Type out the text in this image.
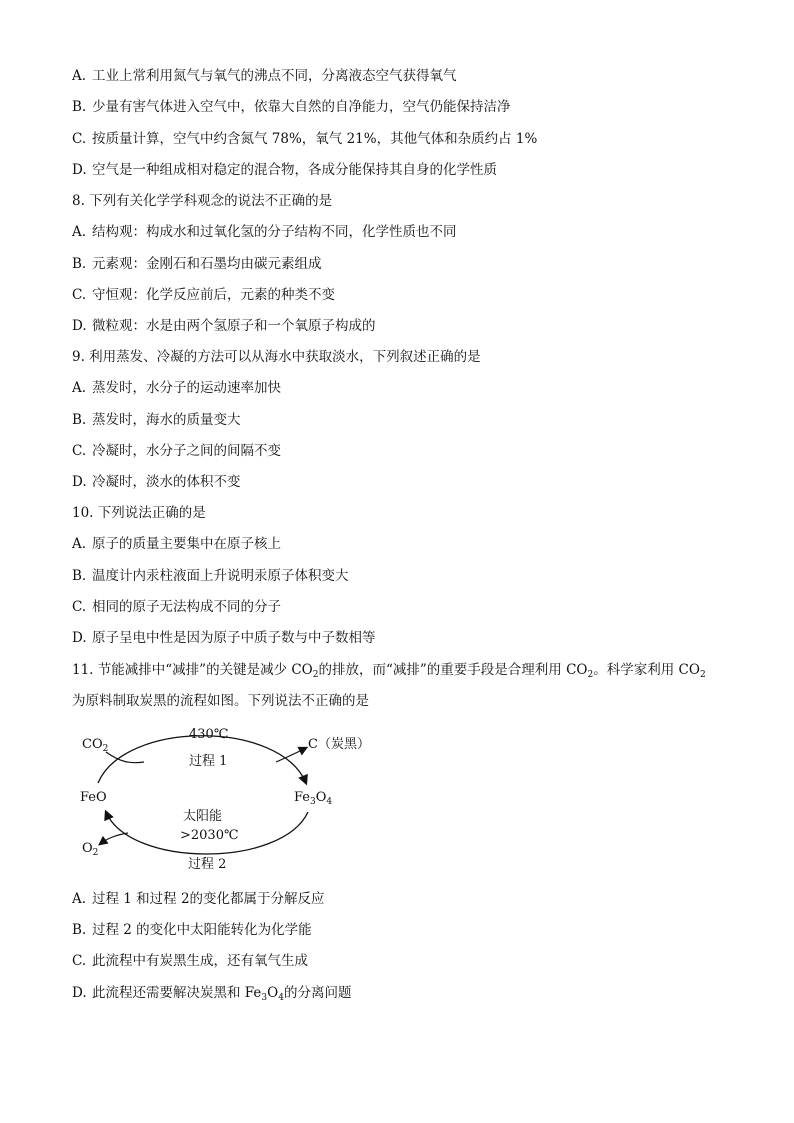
A. 工业上常利用氮气与氧气的沸点不同，分离液态空气获得氧气
B. 少量有害气体进入空气中，依靠大自然的自净能力，空气仍能保持洁净
C. 按质量计算，空气中约含氮气 78%，氧气 21%，其他气体和杂质约占 1%
D. 空气是一种组成相对稳定的混合物，各成分能保持其自身的化学性质
8. 下列有关化学学科观念的说法不正确的是
A. 结构观：构成水和过氧化氢的分子结构不同，化学性质也不同
B. 元素观：金刚石和石墨均由碳元素组成
C. 守恒观：化学反应前后，元素的种类不变
D. 微粒观：水是由两个氢原子和一个氧原子构成的
9. 利用蒸发、冷凝的方法可以从海水中获取淡水，下列叙述正确的是
A. 蒸发时，水分子的运动速率加快
B. 蒸发时，海水的质量变大
C. 冷凝时，水分子之间的间隔不变
D. 冷凝时，淡水的体积不变
10. 下列说法正确的是
A. 原子的质量主要集中在原子核上
B. 温度计内汞柱液面上升说明汞原子体积变大
C. 相同的原子无法构成不同的分子
D. 原子呈电中性是因为原子中质子数与中子数相等
11. 节能减排中“减排”的关键是减少 $CO_2$的排放，而“减排”的重要手段是合理利用 $CO_2$。科学家利用 $CO_2$
为原料制取炭黑的流程如图。下列说法不正确的是
$CO_2$
430℃
过程 1
C（炭黑）
FeO	$Fe_3O_4$
太阳能
>2030℃
$O_2$
过程 2
A. 过程 1 和过程 2的变化都属于分解反应
B. 过程 2 的变化中太阳能转化为化学能
C. 此流程中有炭黑生成，还有氧气生成
D. 此流程还需要解决炭黑和 $Fe_3O_4$的分离问题
